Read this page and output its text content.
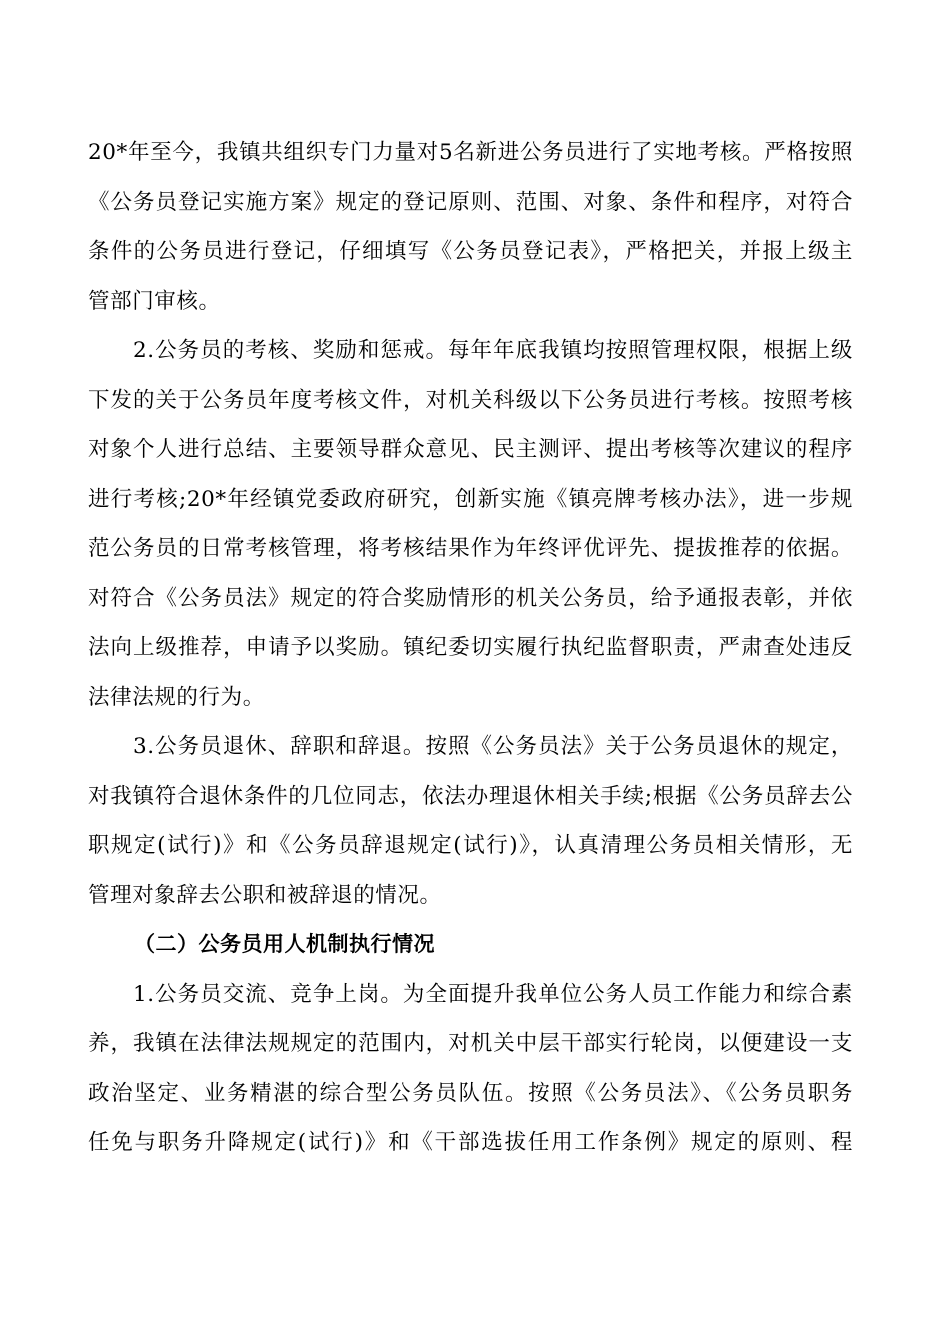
20*年至今，我镇共组织专门力量对5名新进公务员进行了实地考核。严格按照
《公务员登记实施方案》规定的登记原则、范围、对象、条件和程序，对符合
条件的公务员进行登记，仔细填写《公务员登记表》，严格把关，并报上级主
管部门审核。
2.公务员的考核、奖励和惩戒。每年年底我镇均按照管理权限，根据上级
下发的关于公务员年度考核文件，对机关科级以下公务员进行考核。按照考核
对象个人进行总结、主要领导群众意见、民主测评、提出考核等次建议的程序
进行考核;20*年经镇党委政府研究，创新实施《镇亮牌考核办法》，进一步规
范公务员的日常考核管理，将考核结果作为年终评优评先、提拔推荐的依据。
对符合《公务员法》规定的符合奖励情形的机关公务员，给予通报表彰，并依
法向上级推荐，申请予以奖励。镇纪委切实履行执纪监督职责，严肃查处违反
法律法规的行为。
3.公务员退休、辞职和辞退。按照《公务员法》关于公务员退休的规定，
对我镇符合退休条件的几位同志，依法办理退休相关手续;根据《公务员辞去公
职规定(试行)》和《公务员辞退规定(试行)》，认真清理公务员相关情形，无
管理对象辞去公职和被辞退的情况。
（二）公务员用人机制执行情况
1.公务员交流、竞争上岗。为全面提升我单位公务人员工作能力和综合素
养，我镇在法律法规规定的范围内，对机关中层干部实行轮岗，以便建设一支
政治坚定、业务精湛的综合型公务员队伍。按照《公务员法》、《公务员职务
任免与职务升降规定(试行)》和《干部选拔任用工作条例》规定的原则、程
